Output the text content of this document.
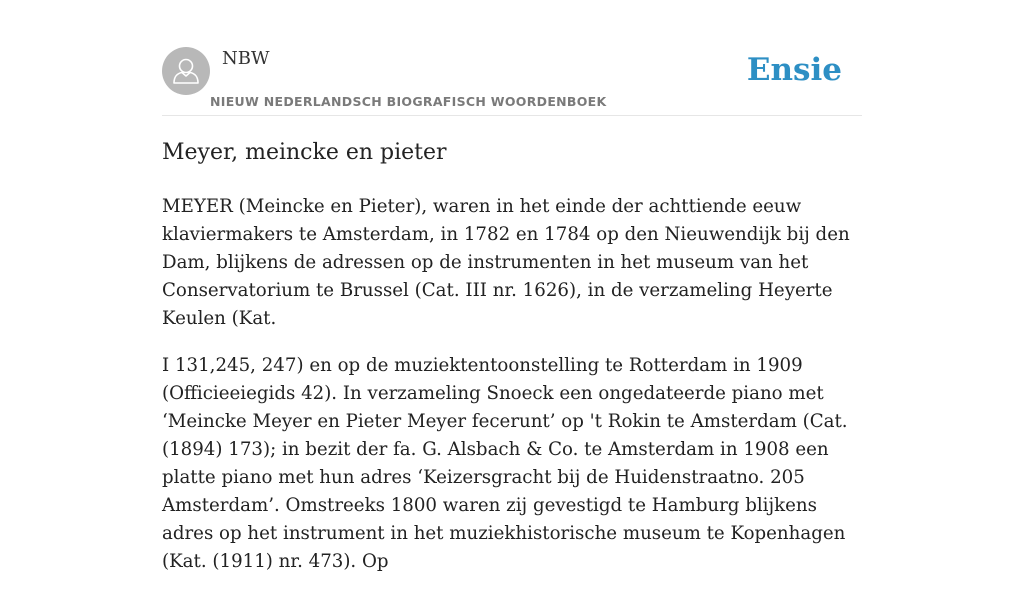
NBW
NIEUW NEDERLANDSCH BIOGRAFISCH WOORDENBOEK
Ensie
Meyer, meincke en pieter

MEYER (Meincke en Pieter), waren in het einde der achttiende eeuw klaviermakers te Amsterdam, in 1782 en 1784 op den Nieuwendijk bij den Dam, blijkens de adressen op de instrumenten in het museum van het Conservatorium te Brussel (Cat. III nr. 1626), in de verzameling Heyerte Keulen (Kat.

I 131,245, 247) en op de muziektentoonstelling te Rotterdam in 1909 (Officieeiegids 42). In verzameling Snoeck een ongedateerde piano met ‘Meincke Meyer en Pieter Meyer fecerunt’ op 't Rokin te Amsterdam (Cat. (1894) 173); in bezit der fa. G. Alsbach & Co. te Amsterdam in 1908 een platte piano met hun adres ‘Keizersgracht bij de Huidenstraatno. 205 Amsterdam’. Omstreeks 1800 waren zij gevestigd te Hamburg blijkens adres op het instrument in het muziekhistorische museum te Kopenhagen (Kat. (1911) nr. 473). Op
